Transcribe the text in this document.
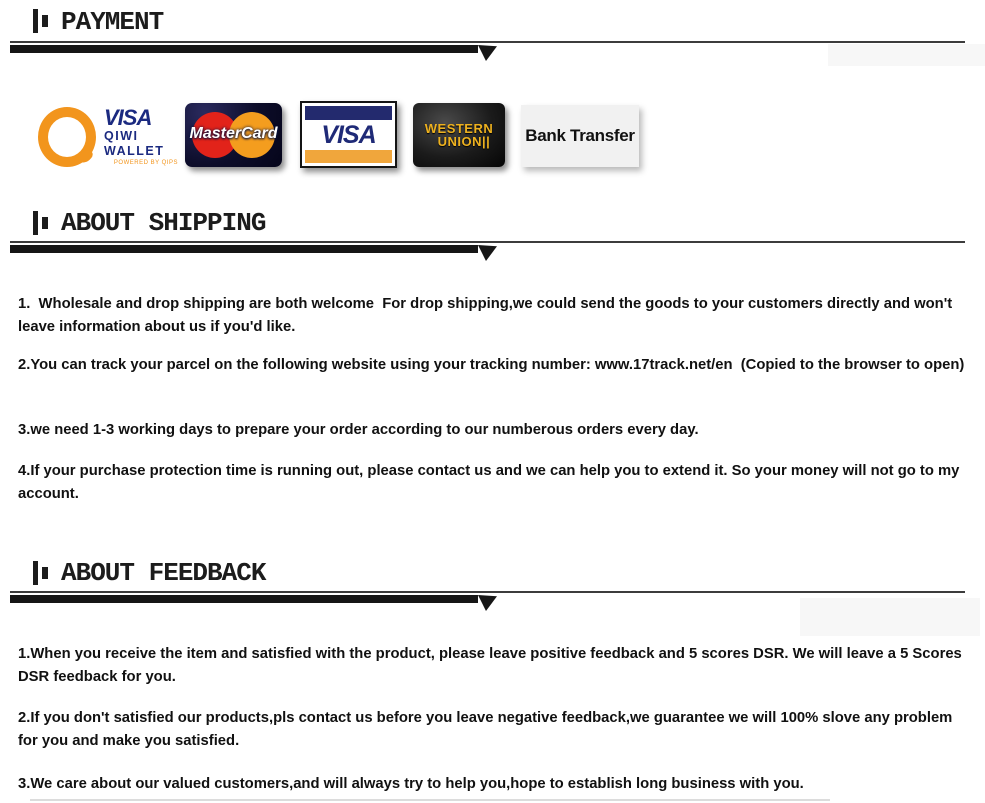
PAYMENT
VISA
QIWI WALLET
POWERED BY QIPS
MasterCard VISA	WESTERN
UNION|| Bank Transfer
ABOUT SHIPPING

1.  Wholesale and drop shipping are both welcome  For drop shipping,we could send the goods to your customers directly and won't leave information about us if you'd like.

2.You can track your parcel on the following website using your tracking number: www.17track.net/en  (Copied to the browser to open)

3.we need 1-3 working days to prepare your order according to our numberous orders every day.

4.If your purchase protection time is running out, please contact us and we can help you to extend it. So your money will not go to my account.

ABOUT FEEDBACK

1.When you receive the item and satisfied with the product, please leave positive feedback and 5 scores DSR. We will leave a 5 Scores DSR feedback for you.

2.If you don't satisfied our products,pls contact us before you leave negative feedback,we guarantee we will 100% slove any problem for you and make you satisfied.

3.We care about our valued customers,and will always try to help you,hope to establish long business with you.
